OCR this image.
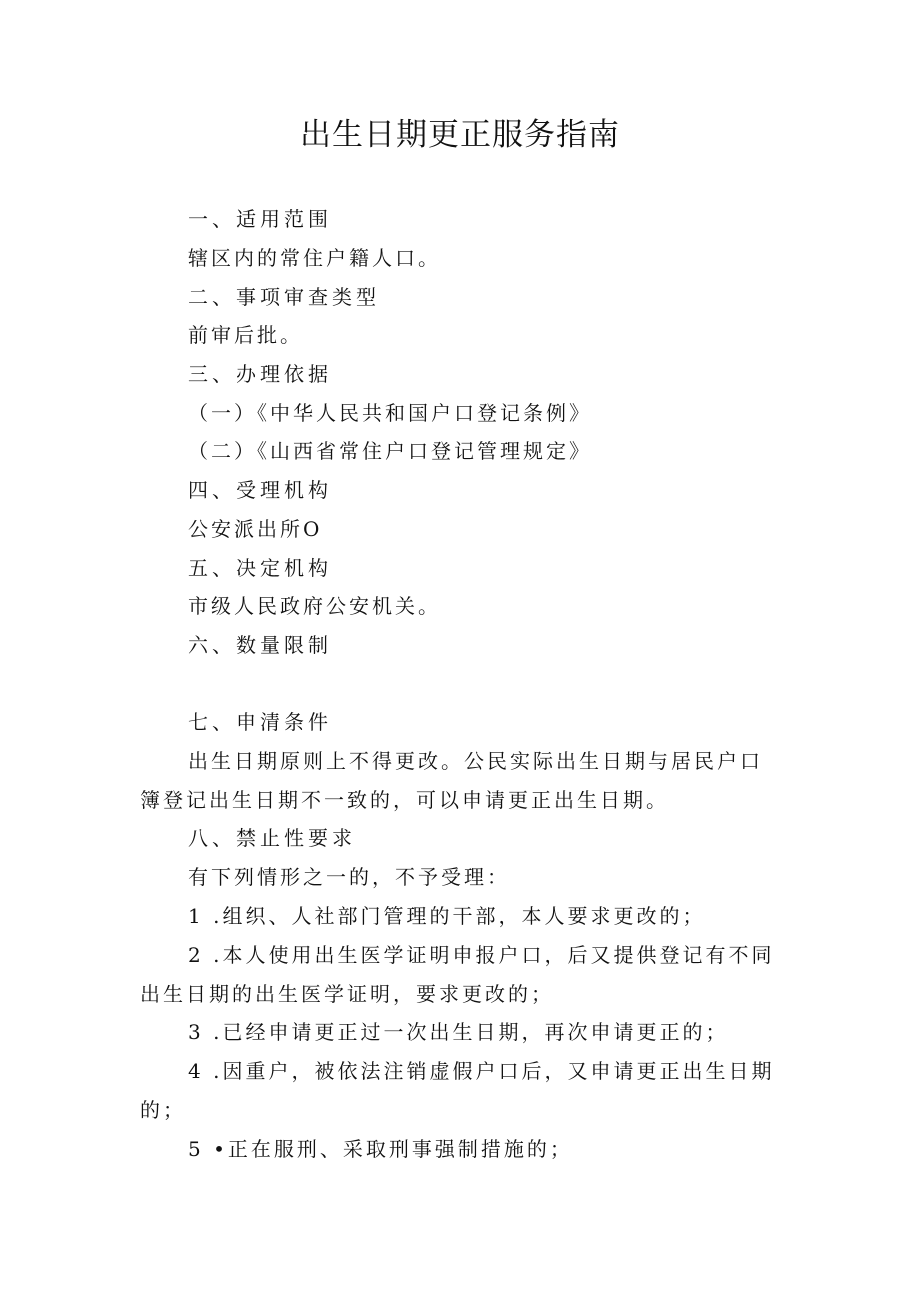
出生日期更正服务指南
一、适用范围
辖区内的常住户籍人口。
二、事项审查类型
前审后批。
三、办理依据
（一）《中华人民共和国户口登记条例》
（二）《山西省常住户口登记管理规定》
四、受理机构
公安派出所O
五、决定机构
市级人民政府公安机关。
六、数量限制
七、申清条件
出生日期原则上不得更改。公民实际出生日期与居民户口
簿登记出生日期不一致的，可以申请更正出生日期。
八、禁止性要求
有下列情形之一的，不予受理：
1 .组织、人社部门管理的干部，本人要求更改的；
2 .本人使用出生医学证明申报户口，后又提供登记有不同
出生日期的出生医学证明，要求更改的；
3 .已经申请更正过一次出生日期，再次申请更正的；
4 .因重户，被依法注销虚假户口后，又申请更正出生日期
的；
5 •正在服刑、采取刑事强制措施的；
